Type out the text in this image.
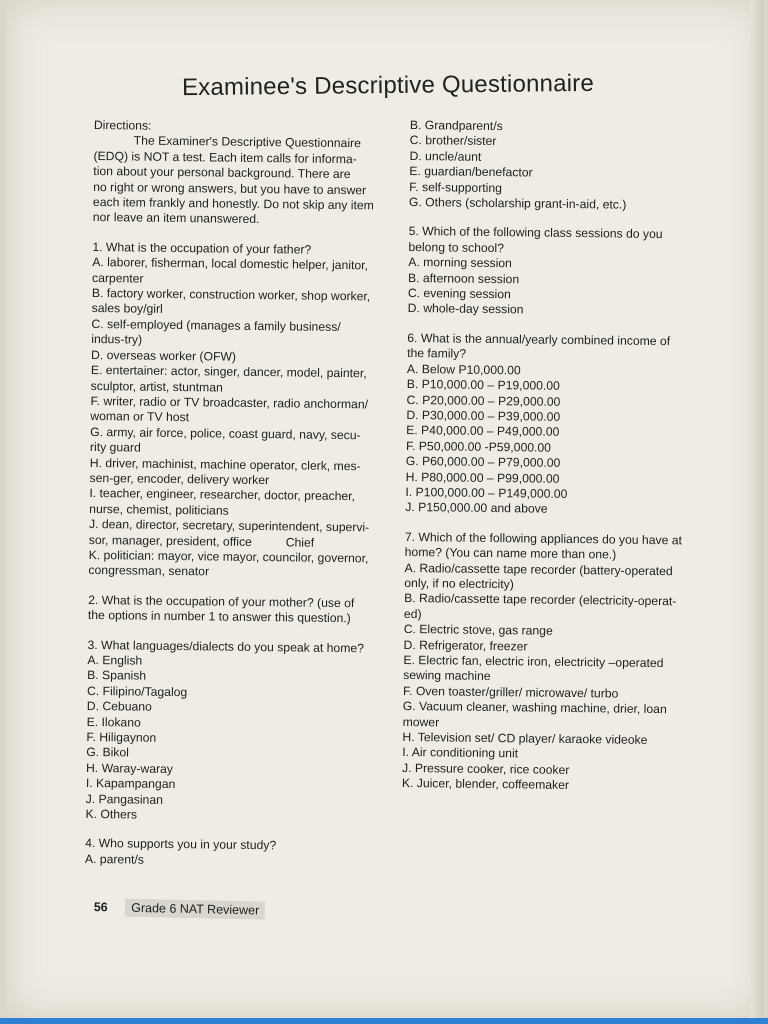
Examinee's Descriptive Questionnaire
Directions:
The Examiner's Descriptive Questionnaire
(EDQ) is NOT a test. Each item calls for informa-
tion about your personal background. There are
no right or wrong answers, but you have to answer
each item frankly and honestly. Do not skip any item
nor leave an item unanswered.
1. What is the occupation of your father?
A. laborer, fisherman, local domestic helper, janitor,
carpenter
B. factory worker, construction worker, shop worker,
sales boy/girl
C. self-employed (manages a family business/
indus-try)
D. overseas worker (OFW)
E. entertainer: actor, singer, dancer, model, painter,
sculptor, artist, stuntman
F. writer, radio or TV broadcaster, radio anchorman/
woman or TV host
G. army, air force, police, coast guard, navy, secu-
rity guard
H. driver, machinist, machine operator, clerk, mes-
sen-ger, encoder, delivery worker
I. teacher, engineer, researcher, doctor, preacher,
nurse, chemist, politicians
J. dean, director, secretary, superintendent, supervi-
sor, manager, president, office          Chief
K. politician: mayor, vice mayor, councilor, governor,
congressman, senator
2. What is the occupation of your mother? (use of
the options in number 1 to answer this question.)
3. What languages/dialects do you speak at home?
A. English
B. Spanish
C. Filipino/Tagalog
D. Cebuano
E. Ilokano
F. Hiligaynon
G. Bikol
H. Waray-waray
I. Kapampangan
J. Pangasinan
K. Others
4. Who supports you in your study?
A. parent/s
B. Grandparent/s
C. brother/sister
D. uncle/aunt
E. guardian/benefactor
F. self-supporting
G. Others (scholarship grant-in-aid, etc.)
5. Which of the following class sessions do you
belong to school?
A. morning session
B. afternoon session
C. evening session
D. whole-day session
6. What is the annual/yearly combined income of
the family?
A. Below P10,000.00
B. P10,000.00 – P19,000.00
C. P20,000.00 – P29,000.00
D. P30,000.00 – P39,000.00
E. P40,000.00 – P49,000.00
F. P50,000.00 -P59,000.00
G. P60,000.00 – P79,000.00
H. P80,000.00 – P99,000.00
I. P100,000.00 – P149,000.00
J. P150,000.00 and above
7. Which of the following appliances do you have at
home? (You can name more than one.)
A. Radio/cassette tape recorder (battery-operated
only, if no electricity)
B. Radio/cassette tape recorder (electricity-operat-
ed)
C. Electric stove, gas range
D. Refrigerator, freezer
E. Electric fan, electric iron, electricity –operated
sewing machine
F. Oven toaster/griller/ microwave/ turbo
G. Vacuum cleaner, washing machine, drier, loan
mower
H. Television set/ CD player/ karaoke videoke
I. Air conditioning unit
J. Pressure cooker, rice cooker
K. Juicer, blender, coffeemaker
56 Grade 6 NAT Reviewer
